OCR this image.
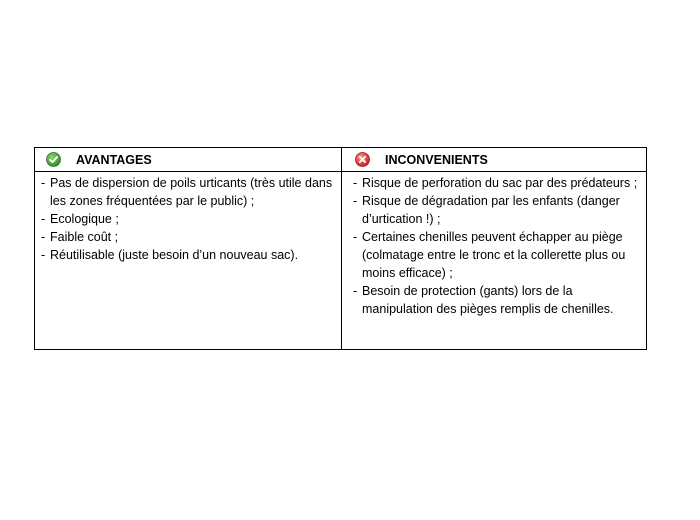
AVANTAGES	INCONVENIENTS
- Pas de dispersion de poils urticants (très utile dans les zones fréquentées par le public) ;
- Ecologique ;
- Faible coût ;
- Réutilisable (juste besoin d’un nouveau sac).
- Risque de perforation du sac par des prédateurs ;
- Risque de dégradation par les enfants (danger d’urtication !) ;
- Certaines chenilles peuvent échapper au piège (colmatage entre le tronc et la collerette plus ou moins efficace) ;
- Besoin de protection (gants) lors de la manipulation des pièges remplis de chenilles.
